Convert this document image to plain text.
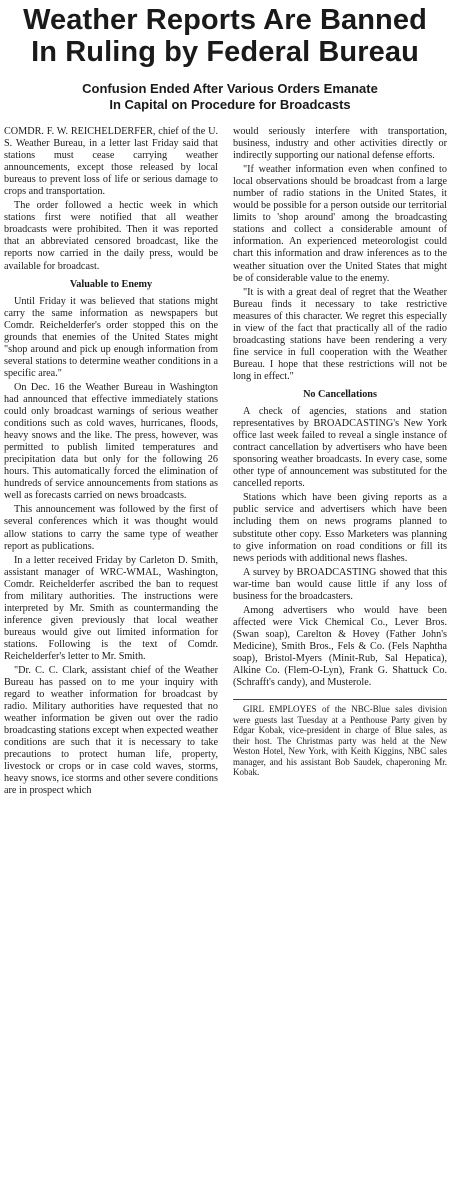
Weather Reports Are Banned
In Ruling by Federal Bureau
Confusion Ended After Various Orders Emanate
In Capital on Procedure for Broadcasts

COMDR. F. W. REICHELDERFER, chief of the U. S. Weather Bureau, in a letter last Friday said that stations must cease carrying weather announcements, except those released by local bureaus to prevent loss of life or serious damage to crops and transportation.

The order followed a hectic week in which stations first were notified that all weather broadcasts were prohibited. Then it was reported that an abbreviated censored broadcast, like the reports now carried in the daily press, would be available for broadcast.

Valuable to Enemy

Until Friday it was believed that stations might carry the same information as newspapers but Comdr. Reichelderfer's order stopped this on the grounds that enemies of the United States might "shop around and pick up enough information from several stations to determine weather conditions in a specific area."

On Dec. 16 the Weather Bureau in Washington had announced that effective immediately stations could only broadcast warnings of serious weather conditions such as cold waves, hurricanes, floods, heavy snows and the like. The press, however, was permitted to publish limited temperatures and precipitation data but only for the following 26 hours. This automatically forced the elimination of hundreds of service announcements from stations as well as forecasts carried on news broadcasts.

This announcement was followed by the first of several conferences which it was thought would allow stations to carry the same type of weather report as publications.

In a letter received Friday by Carleton D. Smith, assistant manager of WRC-WMAL, Washington, Comdr. Reichelderfer ascribed the ban to request from military authorities. The instructions were interpreted by Mr. Smith as countermanding the inference given previously that local weather bureaus would give out limited information for stations. Following is the text of Comdr. Reichelderfer's letter to Mr. Smith.

"Dr. C. C. Clark, assistant chief of the Weather Bureau has passed on to me your inquiry with regard to weather information for broadcast by radio. Military authorities have requested that no weather information be given out over the radio broadcasting stations except when expected weather conditions are such that it is necessary to take precautions to protect human life, property, livestock or crops or in case cold waves, storms, heavy snows, ice storms and other severe conditions are in prospect which

would seriously interfere with transportation, business, industry and other activities directly or indirectly supporting our national defense efforts.

"If weather information even when confined to local observations should be broadcast from a large number of radio stations in the United States, it would be possible for a person outside our territorial limits to 'shop around' among the broadcasting stations and collect a considerable amount of information. An experienced meteorologist could chart this information and draw inferences as to the weather situation over the United States that might be of considerable value to the enemy.

"It is with a great deal of regret that the Weather Bureau finds it necessary to take restrictive measures of this character. We regret this especially in view of the fact that practically all of the radio broadcasting stations have been rendering a very fine service in full cooperation with the Weather Bureau. I hope that these restrictions will not be long in effect."

No Cancellations

A check of agencies, stations and station representatives by BROADCASTING's New York office last week failed to reveal a single instance of contract cancellation by advertisers who have been sponsoring weather broadcasts. In every case, some other type of announcement was substituted for the cancelled reports.

Stations which have been giving reports as a public service and advertisers which have been including them on news programs planned to substitute other copy. Esso Marketers was planning to give information on road conditions or fill its news periods with additional news flashes.

A survey by BROADCASTING showed that this war-time ban would cause little if any loss of business for the broadcasters.

Among advertisers who would have been affected were Vick Chemical Co., Lever Bros. (Swan soap), Carelton & Hovey (Father John's Medicine), Smith Bros., Fels & Co. (Fels Naphtha soap), Bristol-Myers (Minit-Rub, Sal Hepatica), Alkine Co. (Flem-O-Lyn), Frank G. Shattuck Co. (Schrafft's candy), and Musterole.

GIRL EMPLOYES of the NBC-Blue sales division were guests last Tuesday at a Penthouse Party given by Edgar Kobak, vice-president in charge of Blue sales, as their host. The Christmas party was held at the New Weston Hotel, New York, with Keith Kiggins, NBC sales manager, and his assistant Bob Saudek, chaperoning Mr. Kobak.
